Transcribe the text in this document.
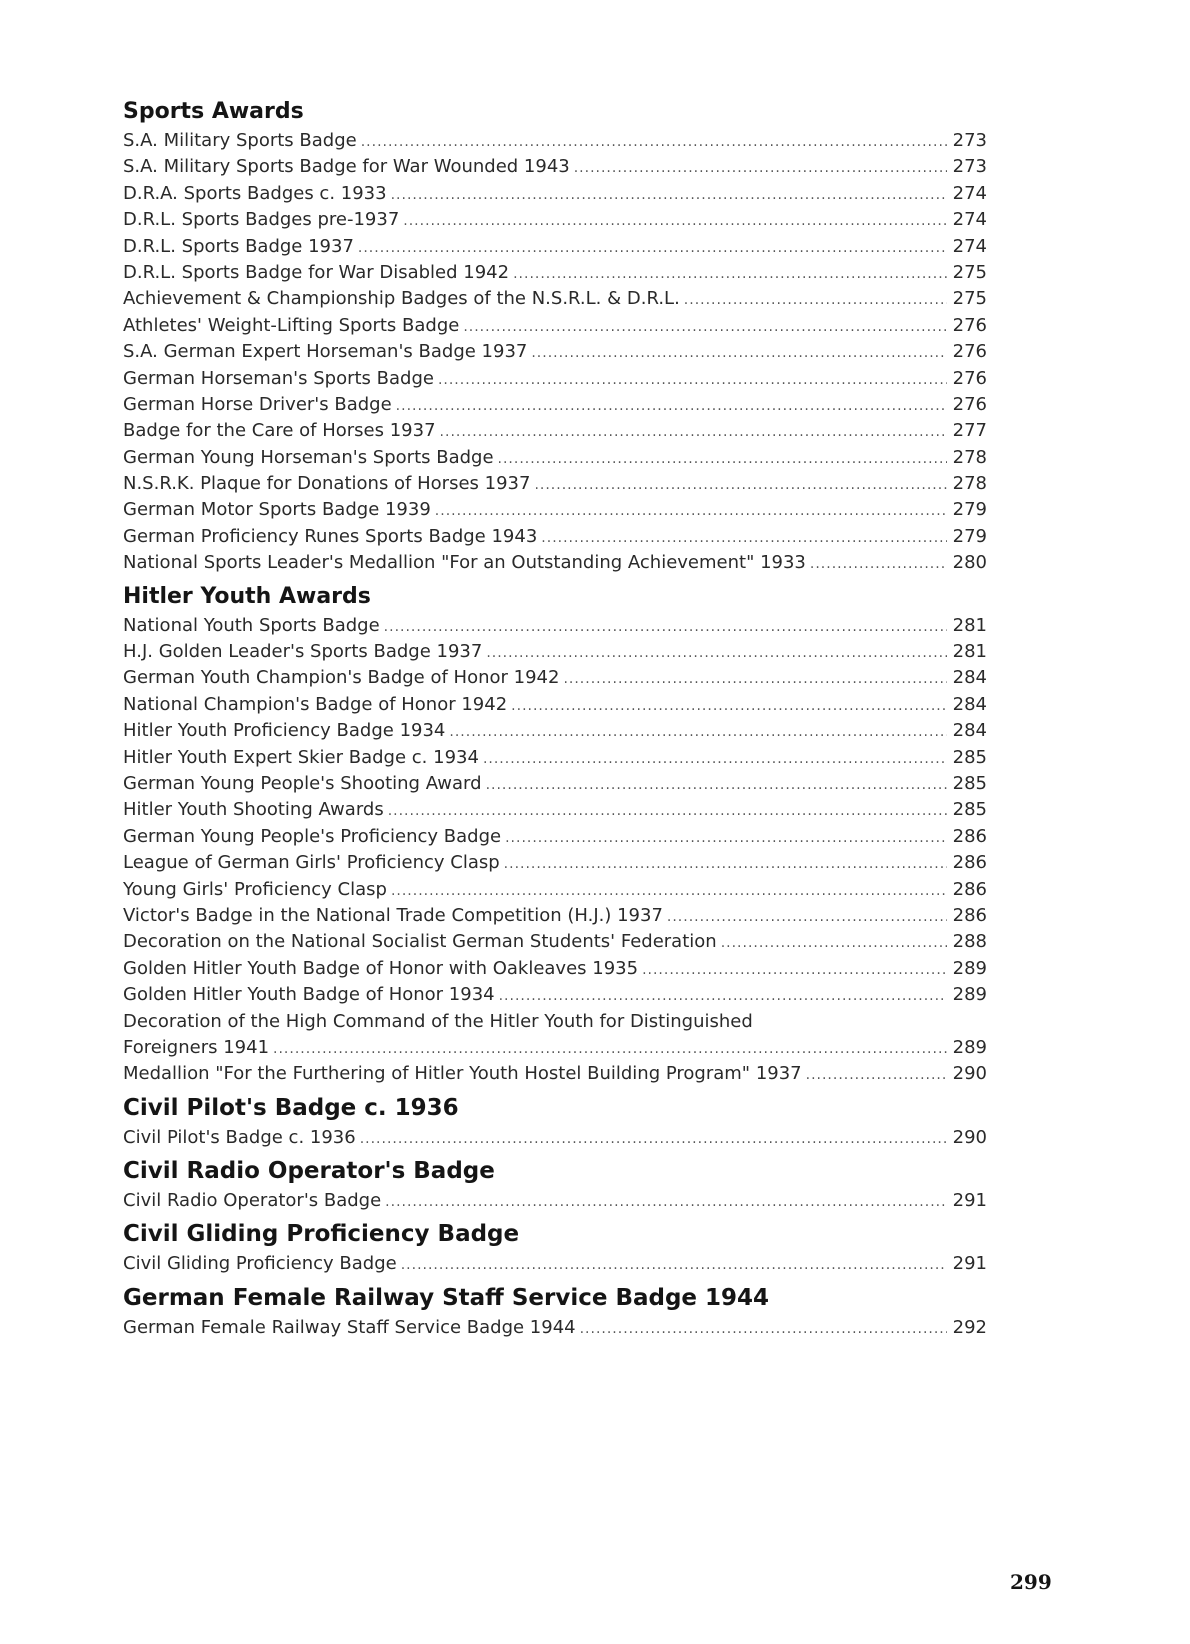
Sports Awards
S.A. Military Sports Badge .....	273
S.A. Military Sports Badge for War Wounded 1943 .....	273
D.R.A. Sports Badges c. 1933 .....	274
D.R.L. Sports Badges pre-1937 .....	274
D.R.L. Sports Badge 1937 .....	274
D.R.L. Sports Badge for War Disabled 1942 .....	275
Achievement & Championship Badges of the N.S.R.L. & D.R.L. .....	275
Athletes' Weight-Lifting Sports Badge .....	276
S.A. German Expert Horseman's Badge 1937 .....	276
German Horseman's Sports Badge .....	276
German Horse Driver's Badge .....	276
Badge for the Care of Horses 1937 .....	277
German Young Horseman's Sports Badge .....	278
N.S.R.K. Plaque for Donations of Horses 1937 .....	278
German Motor Sports Badge 1939 .....	279
German Proficiency Runes Sports Badge 1943 .....	279
National Sports Leader's Medallion "For an Outstanding Achievement" 1933 .....	280
Hitler Youth Awards
National Youth Sports Badge .....	281
H.J. Golden Leader's Sports Badge 1937 .....	281
German Youth Champion's Badge of Honor 1942 .....	284
National Champion's Badge of Honor 1942 .....	284
Hitler Youth Proficiency Badge 1934 .....	284
Hitler Youth Expert Skier Badge c. 1934 .....	285
German Young People's Shooting Award .....	285
Hitler Youth Shooting Awards .....	285
German Young People's Proficiency Badge .....	286
League of German Girls' Proficiency Clasp .....	286
Young Girls' Proficiency Clasp .....	286
Victor's Badge in the National Trade Competition (H.J.) 1937 .....	286
Decoration on the National Socialist German Students' Federation .....	288
Golden Hitler Youth Badge of Honor with Oakleaves 1935 .....	289
Golden Hitler Youth Badge of Honor 1934 .....	289
Decoration of the High Command of the Hitler Youth for Distinguished
Foreigners 1941 .....	289
Medallion "For the Furthering of Hitler Youth Hostel Building Program" 1937 .....	290
Civil Pilot's Badge c. 1936
Civil Pilot's Badge c. 1936 .....	290
Civil Radio Operator's Badge
Civil Radio Operator's Badge .....	291
Civil Gliding Proficiency Badge
Civil Gliding Proficiency Badge .....	291
German Female Railway Staff Service Badge 1944
German Female Railway Staff Service Badge 1944 .....	292
299
